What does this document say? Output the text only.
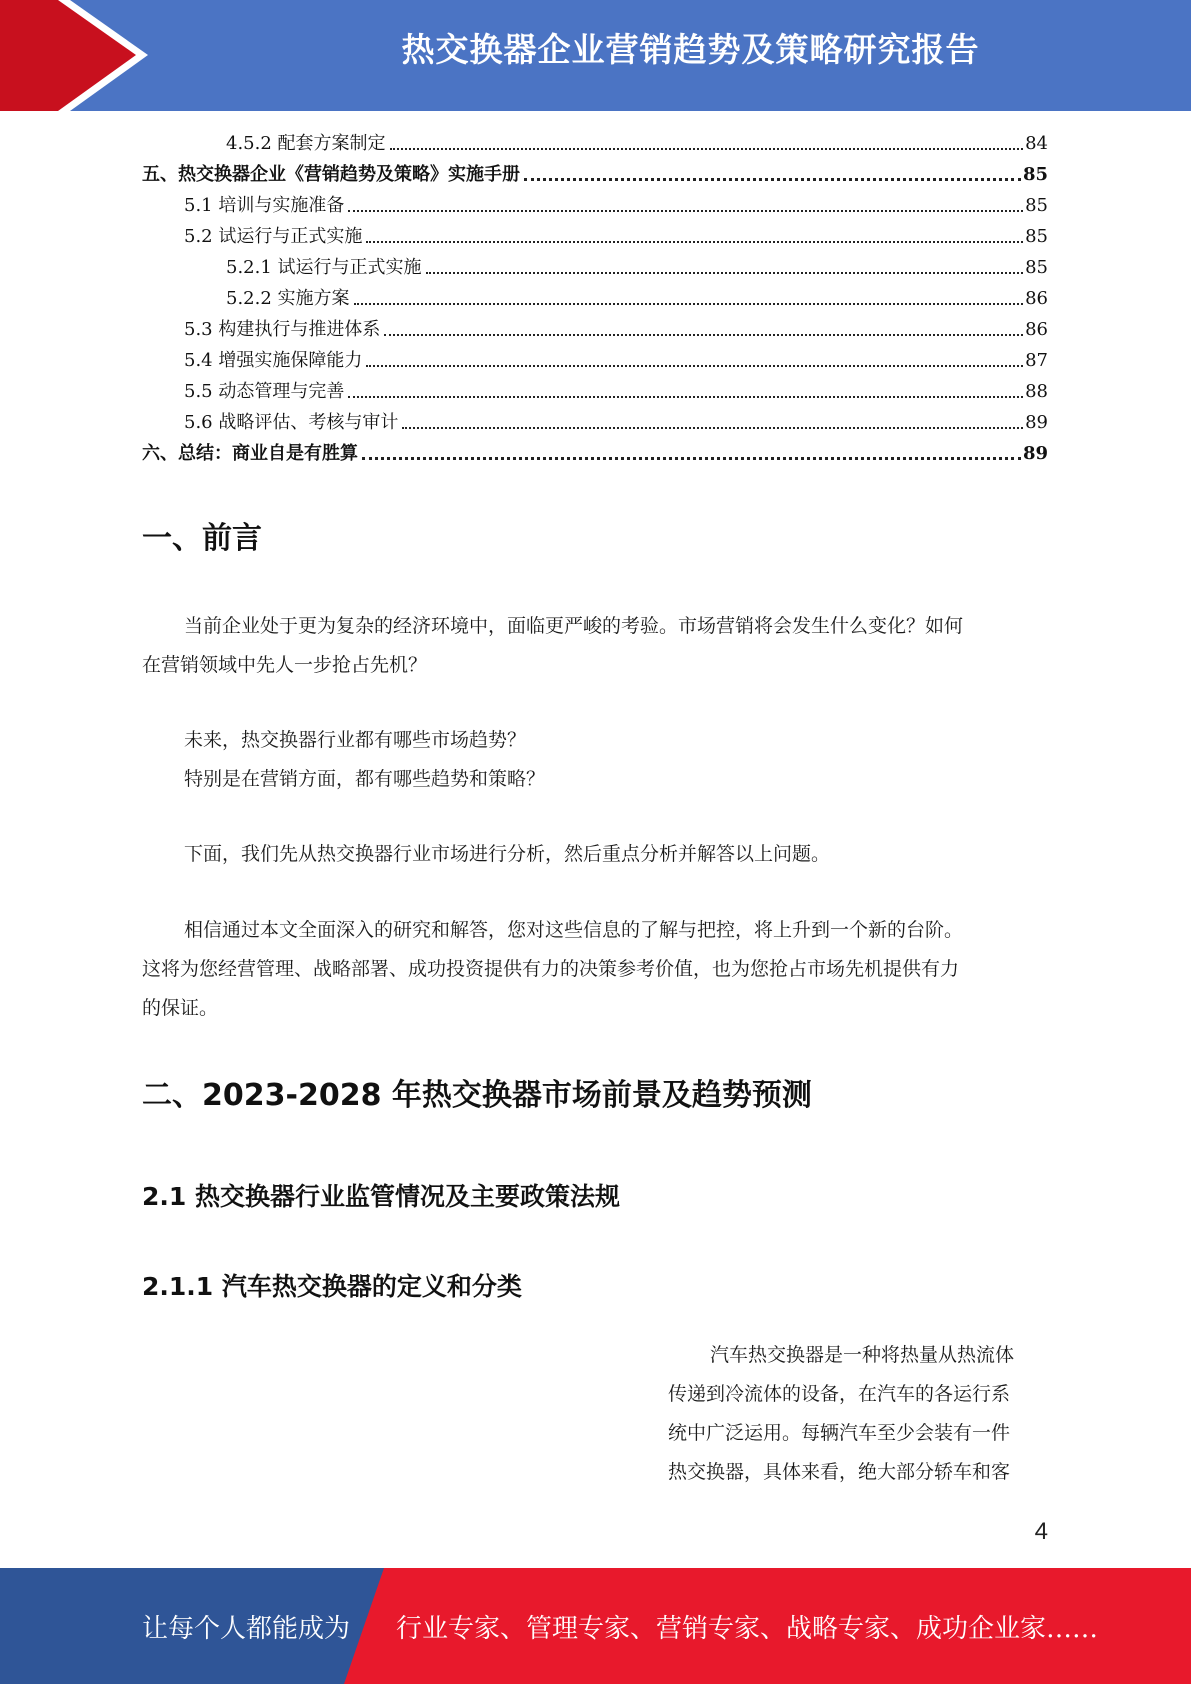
热交换器企业营销趋势及策略研究报告
4.5.2 配套方案制定	84
五、热交换器企业《营销趋势及策略》实施手册	85
5.1 培训与实施准备	85
5.2 试运行与正式实施	85
5.2.1 试运行与正式实施	85
5.2.2 实施方案	86
5.3 构建执行与推进体系	86
5.4 增强实施保障能力	87
5.5 动态管理与完善	88
5.6 战略评估、考核与审计	89
六、总结：商业自是有胜算	89
一、前言
当前企业处于更为复杂的经济环境中，面临更严峻的考验。市场营销将会发生什么变化？如何
在营销领域中先人一步抢占先机？
未来，热交换器行业都有哪些市场趋势？
特别是在营销方面，都有哪些趋势和策略？
下面，我们先从热交换器行业市场进行分析，然后重点分析并解答以上问题。
相信通过本文全面深入的研究和解答，您对这些信息的了解与把控，将上升到一个新的台阶。
这将为您经营管理、战略部署、成功投资提供有力的决策参考价值，也为您抢占市场先机提供有力
的保证。
二、2023-2028 年热交换器市场前景及趋势预测
2.1 热交换器行业监管情况及主要政策法规
2.1.1 汽车热交换器的定义和分类
汽车热交换器是一种将热量从热流体
传递到冷流体的设备，在汽车的各运行系
统中广泛运用。每辆汽车至少会装有一件
热交换器，具体来看，绝大部分轿车和客
4
让每个人都能成为 行业专家、管理专家、营销专家、战略专家、成功企业家……
